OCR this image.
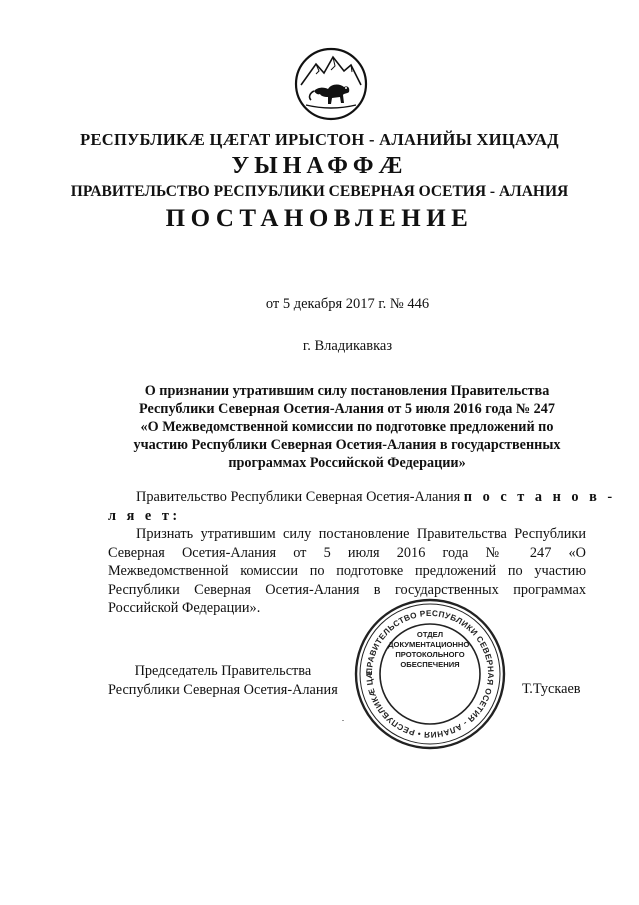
РЕСПУБЛИКӔ ЦӔГАТ ИРЫСТОН - АЛАНИЙЫ ХИЦАУАД
УЫНАФФӔ
ПРАВИТЕЛЬСТВО РЕСПУБЛИКИ СЕВЕРНАЯ ОСЕТИЯ - АЛАНИЯ
ПОСТАНОВЛЕНИЕ
от 5 декабря 2017 г. № 446
г. Владикавказ
О признании утратившим силу постановления Правительства
Республики Северная Осетия-Алания от 5 июля 2016 года № 247
«О Межведомственной комиссии по подготовке предложений по
участию Республики Северная Осетия-Алания в государственных
программах Российской Федерации»
Правительство Республики Северная Осетия-Алания п о с т а н о в -
л я е т:
Признать утратившим силу постановление Правительства Республики
Северная Осетия-Алания от 5 июля 2016 года № 247 «О
Межведомственной комиссии по подготовке предложений по участию
Республики Северная Осетия-Алания в государственных программах
Российской Федерации».
Председатель Правительства
Республики Северная Осетия-Алания
ПРАВИТЕЛЬСТВО РЕСПУБЛИКИ СЕВЕРНАЯ ОСЕТИЯ - АЛАНИЯ • РЕСПУБЛИКӔ ЦӔ
ОТДЕЛ
ДОКУМЕНТАЦИОННО-
ПРОТОКОЛЬНОГО
ОБЕСПЕЧЕНИЯ
Т.Тускаев
